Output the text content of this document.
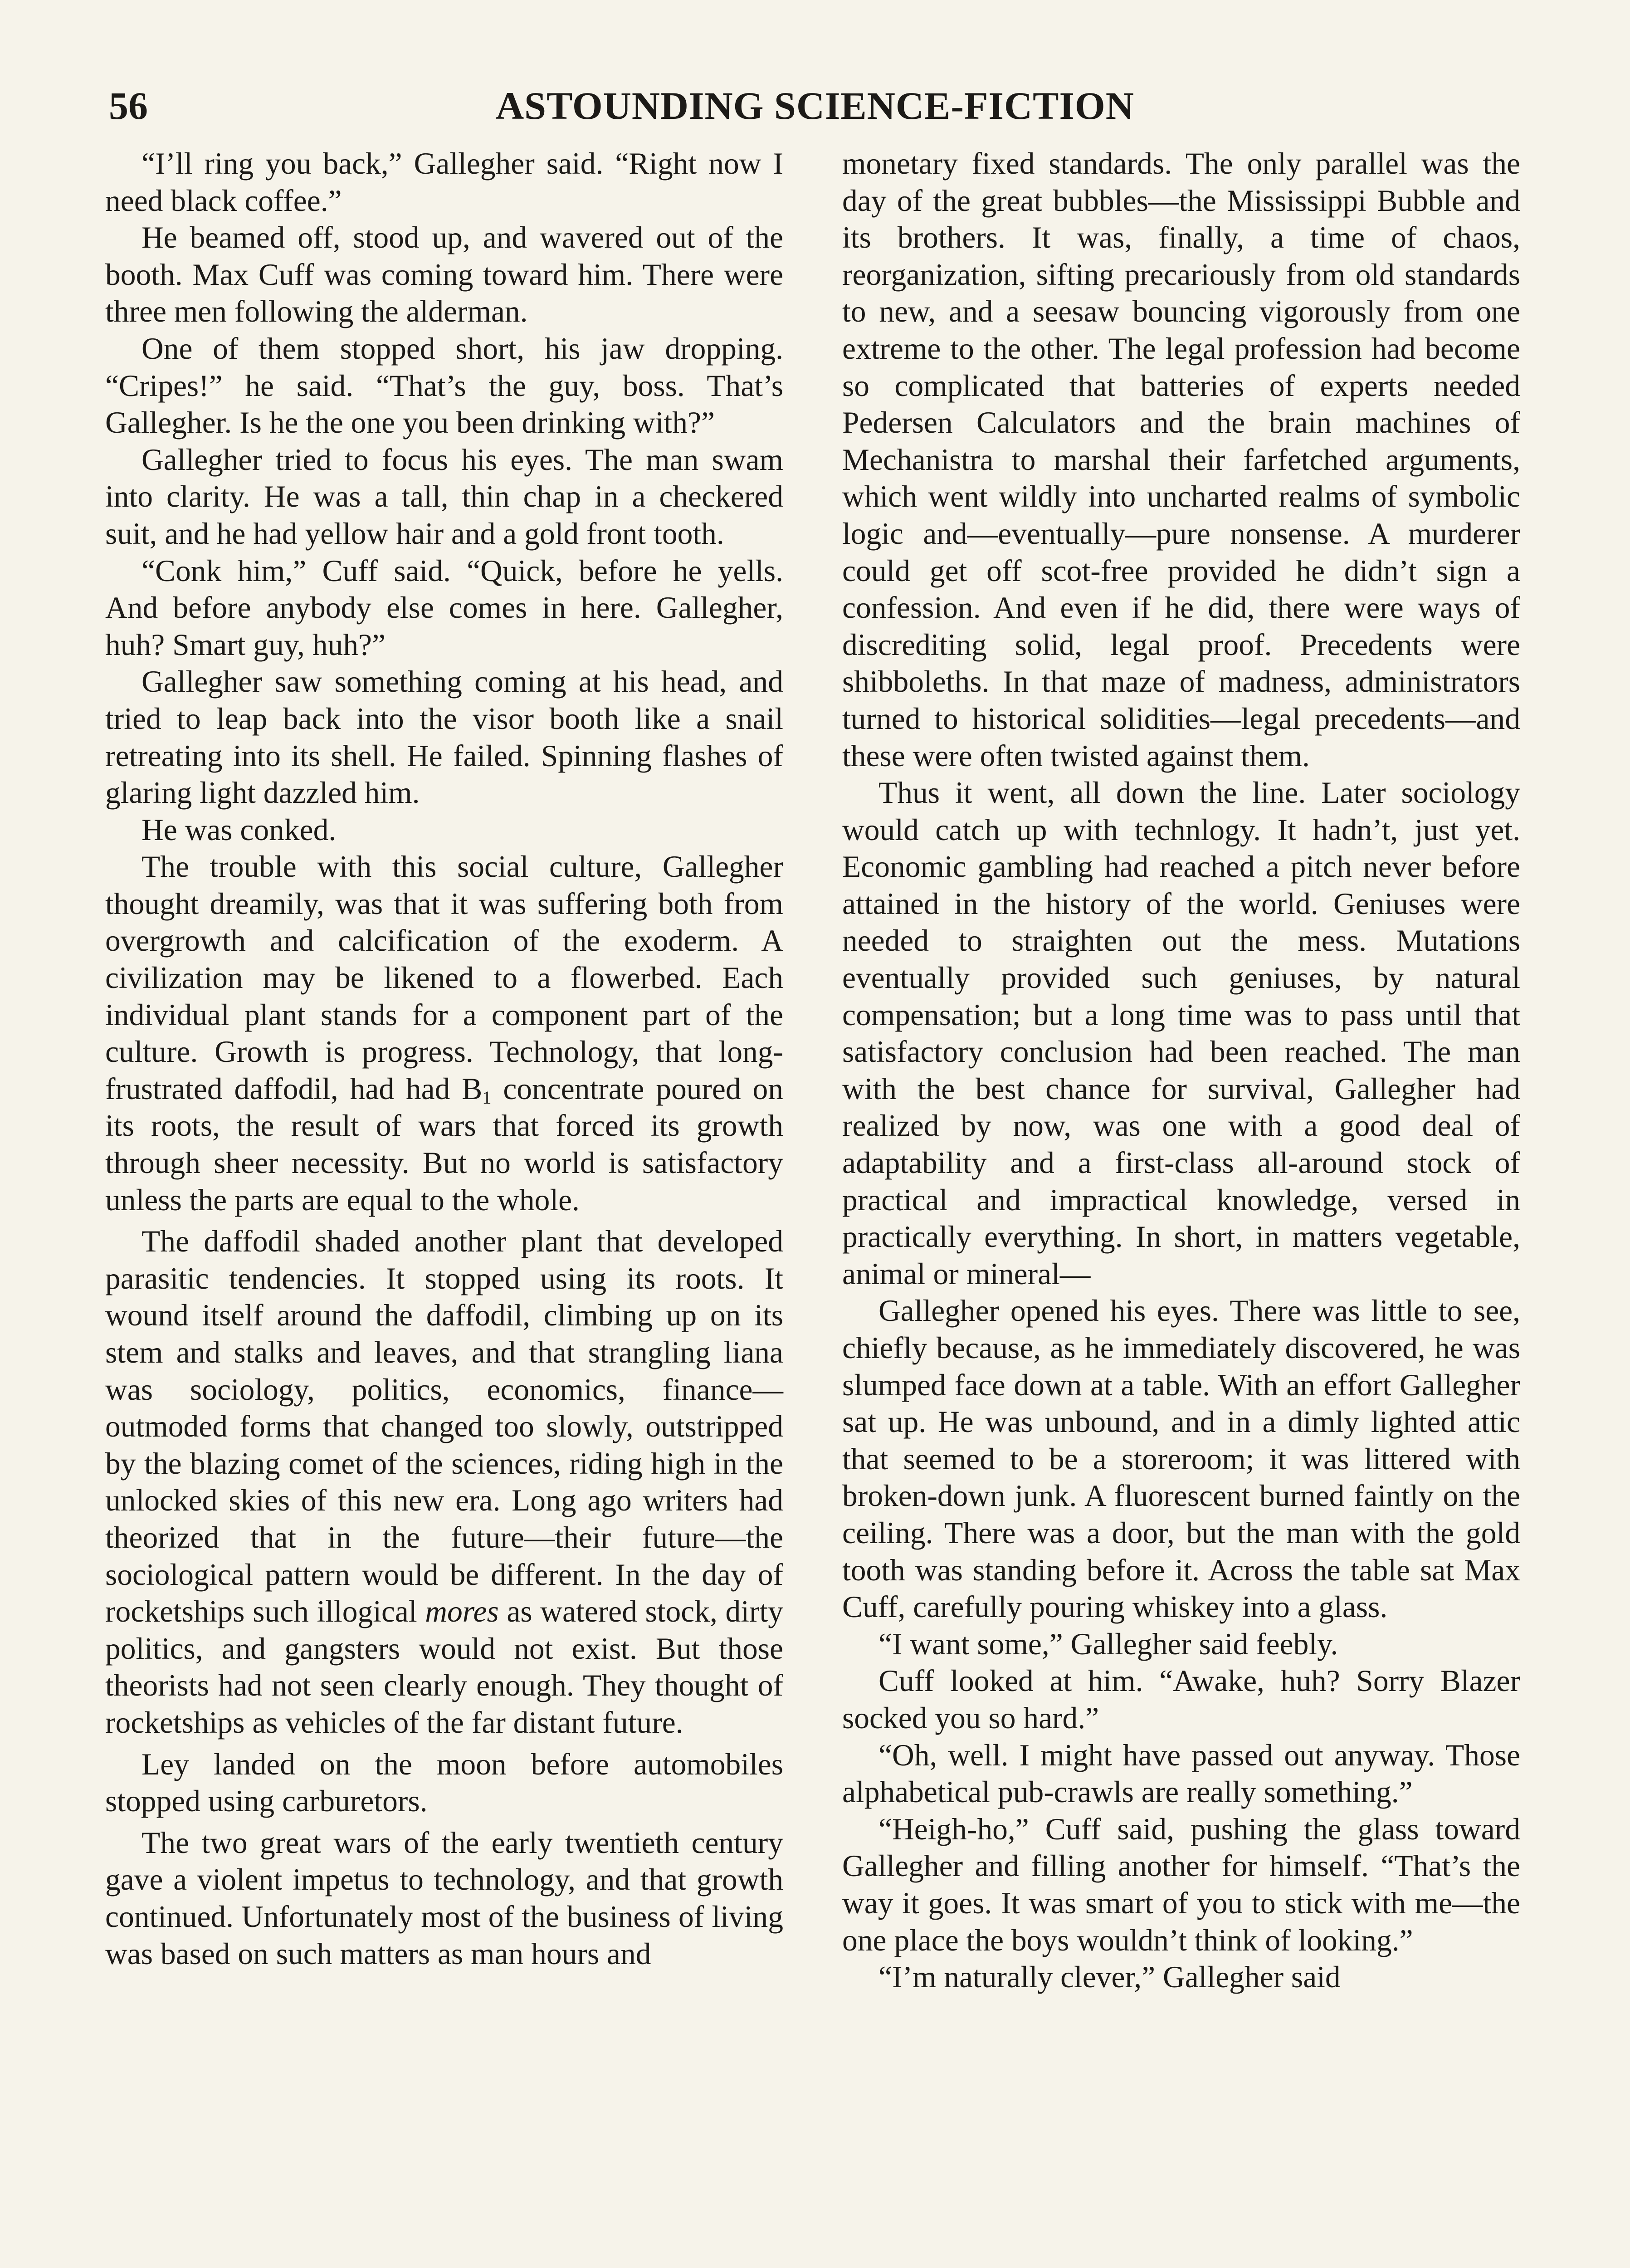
56	ASTOUNDING SCIENCE-FICTION

“I’ll ring you back,” Gallegher said. “Right now I need black coffee.”

He beamed off, stood up, and wavered out of the booth. Max Cuff was coming toward him. There were three men following the alderman.

One of them stopped short, his jaw dropping. “Cripes!” he said. “That’s the guy, boss. That’s Gallegher. Is he the one you been drinking with?”

Gallegher tried to focus his eyes. The man swam into clarity. He was a tall, thin chap in a checkered suit, and he had yellow hair and a gold front tooth.

“Conk him,” Cuff said. “Quick, before he yells. And before anybody else comes in here. Gallegher, huh? Smart guy, huh?”

Gallegher saw something coming at his head, and tried to leap back into the visor booth like a snail retreating into its shell. He failed. Spinning flashes of glaring light dazzled him.

He was conked.

The trouble with this social culture, Gallegher thought dreamily, was that it was suffering both from overgrowth and calcification of the exoderm. A civilization may be likened to a flowerbed. Each individual plant stands for a component part of the culture. Growth is progress. Technology, that long-frustrated daffodil, had had $B_1$ concentrate poured on its roots, the result of wars that forced its growth through sheer necessity. But no world is satisfactory unless the parts are equal to the whole.

The daffodil shaded another plant that developed parasitic tendencies. It stopped using its roots. It wound itself around the daffodil, climbing up on its stem and stalks and leaves, and that strangling liana was sociology, politics, economics, finance—outmoded forms that changed too slowly, outstripped by the blazing comet of the sciences, riding high in the unlocked skies of this new era. Long ago writers had theorized that in the future—their future—the sociological pattern would be different. In the day of rocketships such illogical mores as watered stock, dirty politics, and gangsters would not exist. But those theorists had not seen clearly enough. They thought of rocketships as vehicles of the far distant future.

Ley landed on the moon before automobiles stopped using carburetors.

The two great wars of the early twentieth century gave a violent impetus to technology, and that growth continued. Unfortunately most of the business of living was based on such matters as man hours and

monetary fixed standards. The only parallel was the day of the great bubbles—the Mississippi Bubble and its brothers. It was, finally, a time of chaos, reorganization, sifting precariously from old standards to new, and a seesaw bouncing vigorously from one extreme to the other. The legal profession had become so complicated that batteries of experts needed Pedersen Calculators and the brain machines of Mechanistra to marshal their farfetched arguments, which went wildly into uncharted realms of symbolic logic and—eventually—pure nonsense. A murderer could get off scot-free provided he didn’t sign a confession. And even if he did, there were ways of discrediting solid, legal proof. Precedents were shibboleths. In that maze of madness, administrators turned to historical solidities—legal precedents—and these were often twisted against them.

Thus it went, all down the line. Later sociology would catch up with technlogy. It hadn’t, just yet. Economic gambling had reached a pitch never before attained in the history of the world. Geniuses were needed to straighten out the mess. Mutations eventually provided such geniuses, by natural compensation; but a long time was to pass until that satisfactory conclusion had been reached. The man with the best chance for survival, Gallegher had realized by now, was one with a good deal of adaptability and a first-class all-around stock of practical and impractical knowledge, versed in practically everything. In short, in matters vegetable, animal or mineral—

Gallegher opened his eyes. There was little to see, chiefly because, as he immediately discovered, he was slumped face down at a table. With an effort Gallegher sat up. He was unbound, and in a dimly lighted attic that seemed to be a storeroom; it was littered with broken-down junk. A fluorescent burned faintly on the ceiling. There was a door, but the man with the gold tooth was standing before it. Across the table sat Max Cuff, carefully pouring whiskey into a glass.

“I want some,” Gallegher said feebly.

Cuff looked at him. “Awake, huh? Sorry Blazer socked you so hard.”

“Oh, well. I might have passed out anyway. Those alphabetical pub-crawls are really something.”

“Heigh-ho,” Cuff said, pushing the glass toward Gallegher and filling another for himself. “That’s the way it goes. It was smart of you to stick with me—the one place the boys wouldn’t think of looking.”

“I’m naturally clever,” Gallegher said
